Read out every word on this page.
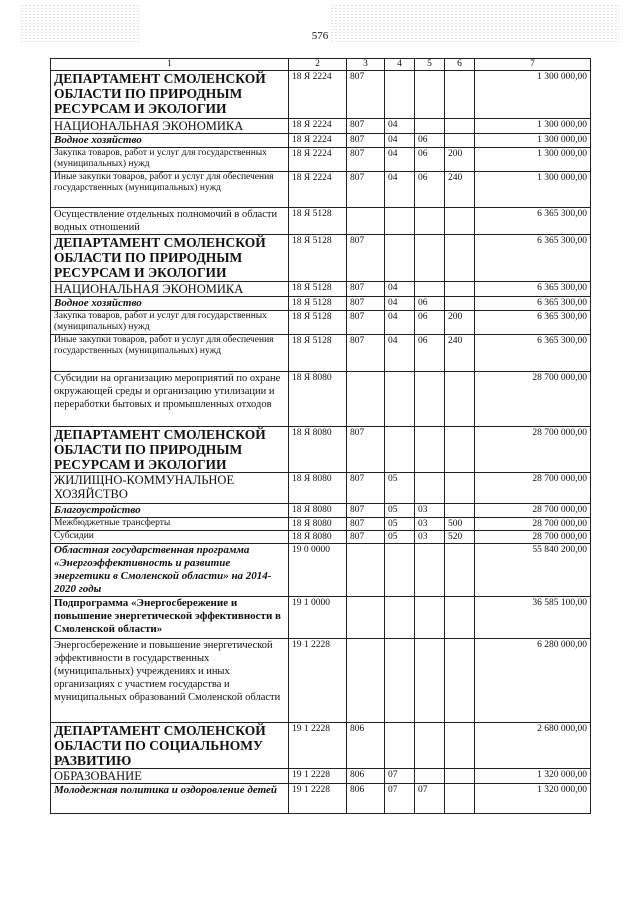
576
1	2	3	4	5	6	7
ДЕПАРТАМЕНТ СМОЛЕНСКОЙ ОБЛАСТИ ПО ПРИРОДНЫМ РЕСУРСАМ И ЭКОЛОГИИ	18 Я 2224	807				1 300 000,00
НАЦИОНАЛЬНАЯ ЭКОНОМИКА	18 Я 2224	807	04			1 300 000,00
Водное хозяйство	18 Я 2224	807	04	06		1 300 000,00
Закупка товаров, работ и услуг для государственных (муниципальных) нужд	18 Я 2224	807	04	06	200	1 300 000,00
Иные закупки товаров, работ и услуг для обеспечения государственных (муниципальных) нужд	18 Я 2224	807	04	06	240	1 300 000,00
Осуществление отдельных полномочий в области водных отношений	18 Я 5128					6 365 300,00
ДЕПАРТАМЕНТ СМОЛЕНСКОЙ ОБЛАСТИ ПО ПРИРОДНЫМ РЕСУРСАМ И ЭКОЛОГИИ	18 Я 5128	807				6 365 300,00
НАЦИОНАЛЬНАЯ ЭКОНОМИКА	18 Я 5128	807	04			6 365 300,00
Водное хозяйство	18 Я 5128	807	04	06		6 365 300,00
Закупка товаров, работ и услуг для государственных (муниципальных) нужд	18 Я 5128	807	04	06	200	6 365 300,00
Иные закупки товаров, работ и услуг для обеспечения государственных (муниципальных) нужд	18 Я 5128	807	04	06	240	6 365 300,00
Субсидии на организацию мероприятий по охране окружающей среды и организацию утилизации и переработки бытовых и промышленных отходов	18 Я 8080					28 700 000,00
ДЕПАРТАМЕНТ СМОЛЕНСКОЙ ОБЛАСТИ ПО ПРИРОДНЫМ РЕСУРСАМ И ЭКОЛОГИИ	18 Я 8080	807				28 700 000,00
ЖИЛИЩНО-КОММУНАЛЬНОЕ ХОЗЯЙСТВО	18 Я 8080	807	05			28 700 000,00
Благоустройство	18 Я 8080	807	05	03		28 700 000,00
Межбюджетные трансферты	18 Я 8080	807	05	03	500	28 700 000,00
Субсидии	18 Я 8080	807	05	03	520	28 700 000,00
Областная государственная программа «Энергоэффективность и развитие энергетики в Смоленской области» на 2014-2020 годы	19 0 0000					55 840 200,00
Подпрограмма «Энергосбережение и повышение энергетической эффективности в Смоленской области»	19 1 0000					36 585 100,00
Энергосбережение и повышение энергетической эффективности в государственных (муниципальных) учреждениях и иных организациях с участием государства и муниципальных образований Смоленской области	19 1 2228					6 280 000,00
ДЕПАРТАМЕНТ СМОЛЕНСКОЙ ОБЛАСТИ ПО СОЦИАЛЬНОМУ РАЗВИТИЮ	19 1 2228	806				2 680 000,00
ОБРАЗОВАНИЕ	19 1 2228	806	07			1 320 000,00
Молодежная политика и оздоровление детей	19 1 2228	806	07	07		1 320 000,00
